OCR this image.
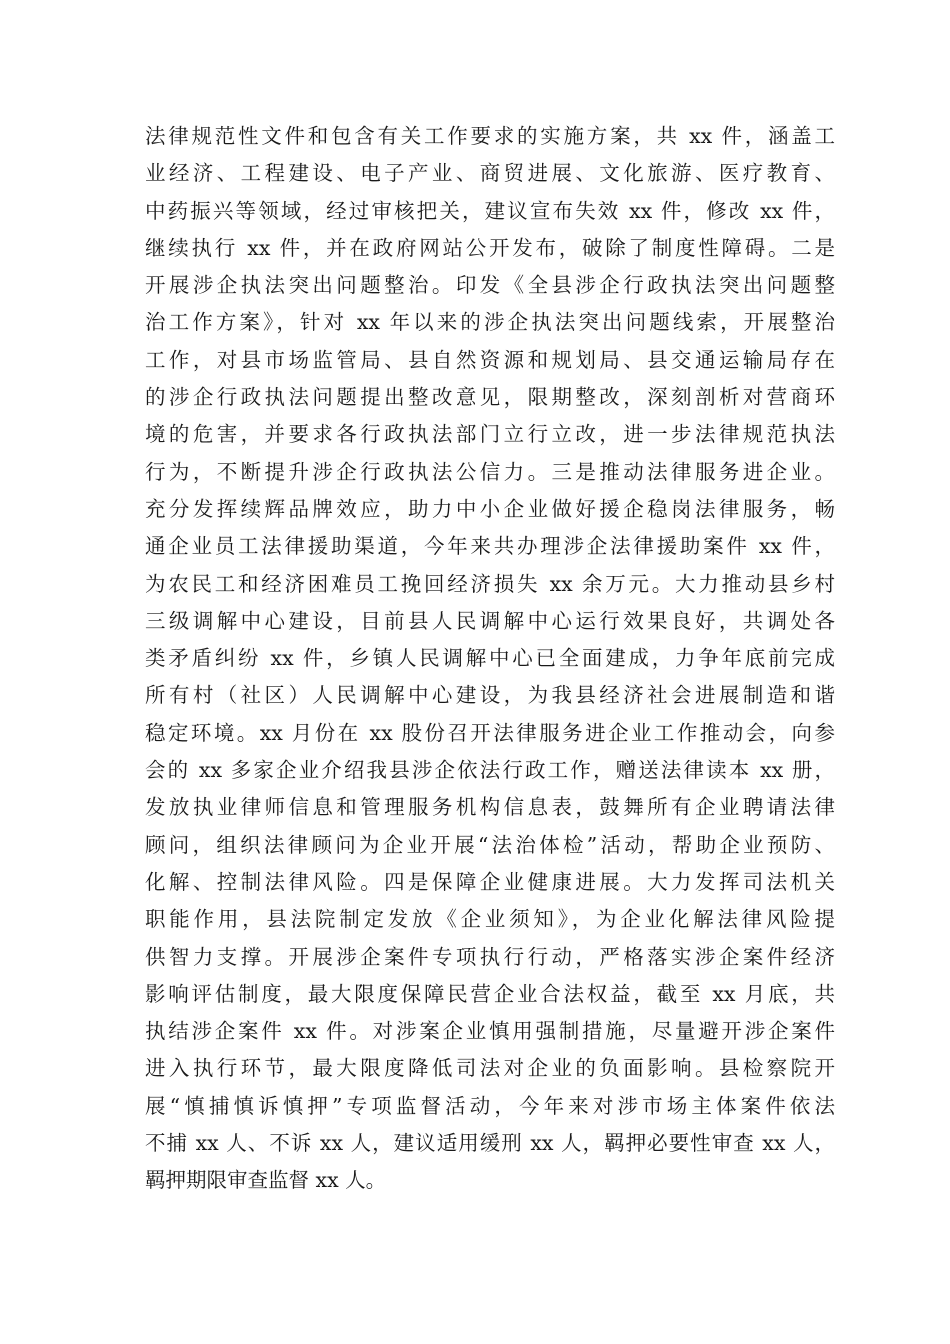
法律规范性文件和包含有关工作要求的实施方案，共 xx 件，涵盖工
业经济、工程建设、电子产业、商贸进展、文化旅游、医疗教育、
中药振兴等领域，经过审核把关，建议宣布失效 xx 件，修改 xx 件，
继续执行 xx 件，并在政府网站公开发布，破除了制度性障碍。二是
开展涉企执法突出问题整治。印发《全县涉企行政执法突出问题整
治工作方案》，针对 xx 年以来的涉企执法突出问题线索，开展整治
工作，对县市场监管局、县自然资源和规划局、县交通运输局存在
的涉企行政执法问题提出整改意见，限期整改，深刻剖析对营商环
境的危害，并要求各行政执法部门立行立改，进一步法律规范执法
行为，不断提升涉企行政执法公信力。三是推动法律服务进企业。
充分发挥续辉品牌效应，助力中小企业做好援企稳岗法律服务，畅
通企业员工法律援助渠道，今年来共办理涉企法律援助案件 xx 件，
为农民工和经济困难员工挽回经济损失 xx 余万元。大力推动县乡村
三级调解中心建设，目前县人民调解中心运行效果良好，共调处各
类矛盾纠纷 xx 件，乡镇人民调解中心已全面建成，力争年底前完成
所有村（社区）人民调解中心建设，为我县经济社会进展制造和谐
稳定环境。xx 月份在 xx 股份召开法律服务进企业工作推动会，向参
会的 xx 多家企业介绍我县涉企依法行政工作，赠送法律读本 xx 册，
发放执业律师信息和管理服务机构信息表，鼓舞所有企业聘请法律
顾问，组织法律顾问为企业开展“法治体检”活动，帮助企业预防、
化解、控制法律风险。四是保障企业健康进展。大力发挥司法机关
职能作用，县法院制定发放《企业须知》，为企业化解法律风险提
供智力支撑。开展涉企案件专项执行行动，严格落实涉企案件经济
影响评估制度，最大限度保障民营企业合法权益，截至 xx 月底，共
执结涉企案件 xx 件。对涉案企业慎用强制措施，尽量避开涉企案件
进入执行环节，最大限度降低司法对企业的负面影响。县检察院开
展“慎捕慎诉慎押”专项监督活动，今年来对涉市场主体案件依法
不捕 xx 人、不诉 xx 人，建议适用缓刑 xx 人，羁押必要性审查 xx 人，
羁押期限审查监督 xx 人。
